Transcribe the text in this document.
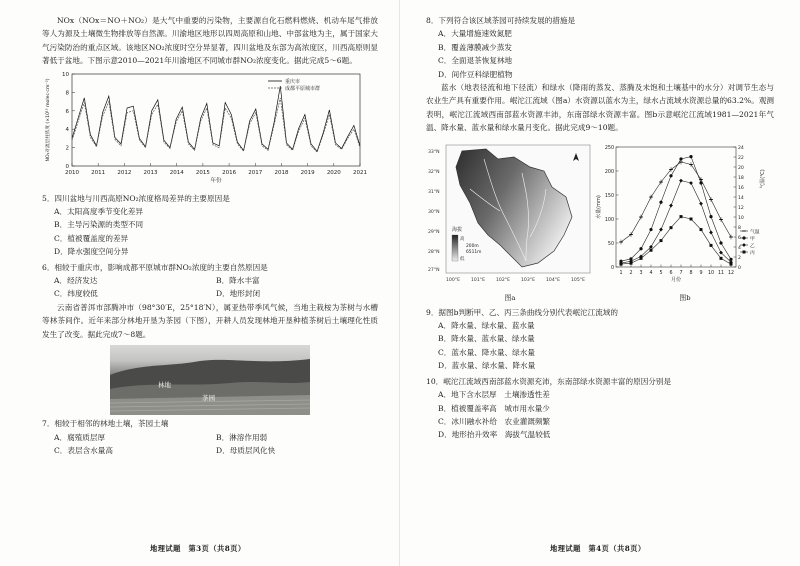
NOx（NOx＝NO＋NO₂）是大气中重要的污染物，主要源自化石燃料燃烧、机动车尾气排放等人为源及土壤微生物排放等自然源。川渝地区地形以四周高原和山地、中部盆地为主，属于国家大气污染防治的重点区域。该地区NO₂浓度时空分异显著，四川盆地及东部为高浓度区，川西高原则显著低于盆地。下图示意2010—2021年川渝地区不同城市群NO₂浓度变化。据此完成5～6题。

0
2
4
6
8
10
2010 2011 2012 2013 2014 2015 2016 2017 2018 2019 2020 2021
年份
NO₂对流层柱浓度 (×10¹⁵ molec·cm⁻²)	重庆市
成都平原城市群

5．四川盆地与川西高原NO₂浓度格局差异的主要原因是

A．太阳高度季节变化差异
B．主导污染源的类型不同
C．植被覆盖度的差异
D．降水强度空间分异

6．相较于重庆市，影响成都平原城市群NO₂浓度的主要自然原因是

A．经济发达	B．降水丰富
C．纬度较低	D．地形封闭

云南省普洱市部腾冲市（98°30′E，25°18′N），属亚热带季风气候，当地主栽桉为茶树与水槽等林茶间作。近年来部分林地开垦为茶园（下图），开耕人员发现林地开垦种植茶树后土壤理化性质发生了改变。据此完成7～8题。

林地
茶园

7．相较于相邻的林地土壤，茶园土壤

A．腐殖质层厚	B．淋溶作用弱
C．表层含水量高	D．母质层风化快
地理试题　第3页（共8页）

8．下列符合该区域茶园可持续发展的措施是

A．大量增施速效氮肥
B．覆盖薄膜减少蒸发
C．全面退茶恢复林地
D．间作豆科绿肥植物

蓝水（地表径流和地下径流）和绿水（降雨的蒸发、蒸腾及未饱和土壤基中的水分）对调节生态与农业生产具有重要作用。岷沱江流域（图a）水资源以蓝水为主，绿水占流域水资源总量的63.2%。观测表明，岷沱江流域西南部蓝水资源丰沛，东南部绿水资源丰富。图b示意岷沱江流域1981—2021年气温、降水量、蓝水量和绿水量月变化。据此完成9～10题。

33°N
32°N
31°N
30°N
29°N
28°N
27°N
100°E 101°E 102°E 103°E 104°E 105°E
海拔
高
低
200m
6511m
图a
0
50
100
150
200
250
0
2
4
6
8
10
12
14
16
18
20
22
24
1 2 3 4 5 6 7 8 9 10 11 12
月份
水量(mm)
气温(℃)
气温
甲
乙
丙
图b

9．据图b判断甲、乙、丙三条曲线分别代表岷沱江流域的

A．降水量、绿水量、蓝水量
B．降水量、蓝水量、绿水量
C．蓝水量、降水量、绿水量
D．蓝水量、绿水量、降水量

10．岷沱江流域西南部蓝水资源充沛，东南部绿水资源丰富的原因分别是

A．地下含水层厚　土壤渗透性差
B．植被覆盖率高　城市用水量少
C．冰川融水补给　农业灌溉频繁
D．地形抬升效率　海拔气温较低
地理试题　第4页（共8页）
